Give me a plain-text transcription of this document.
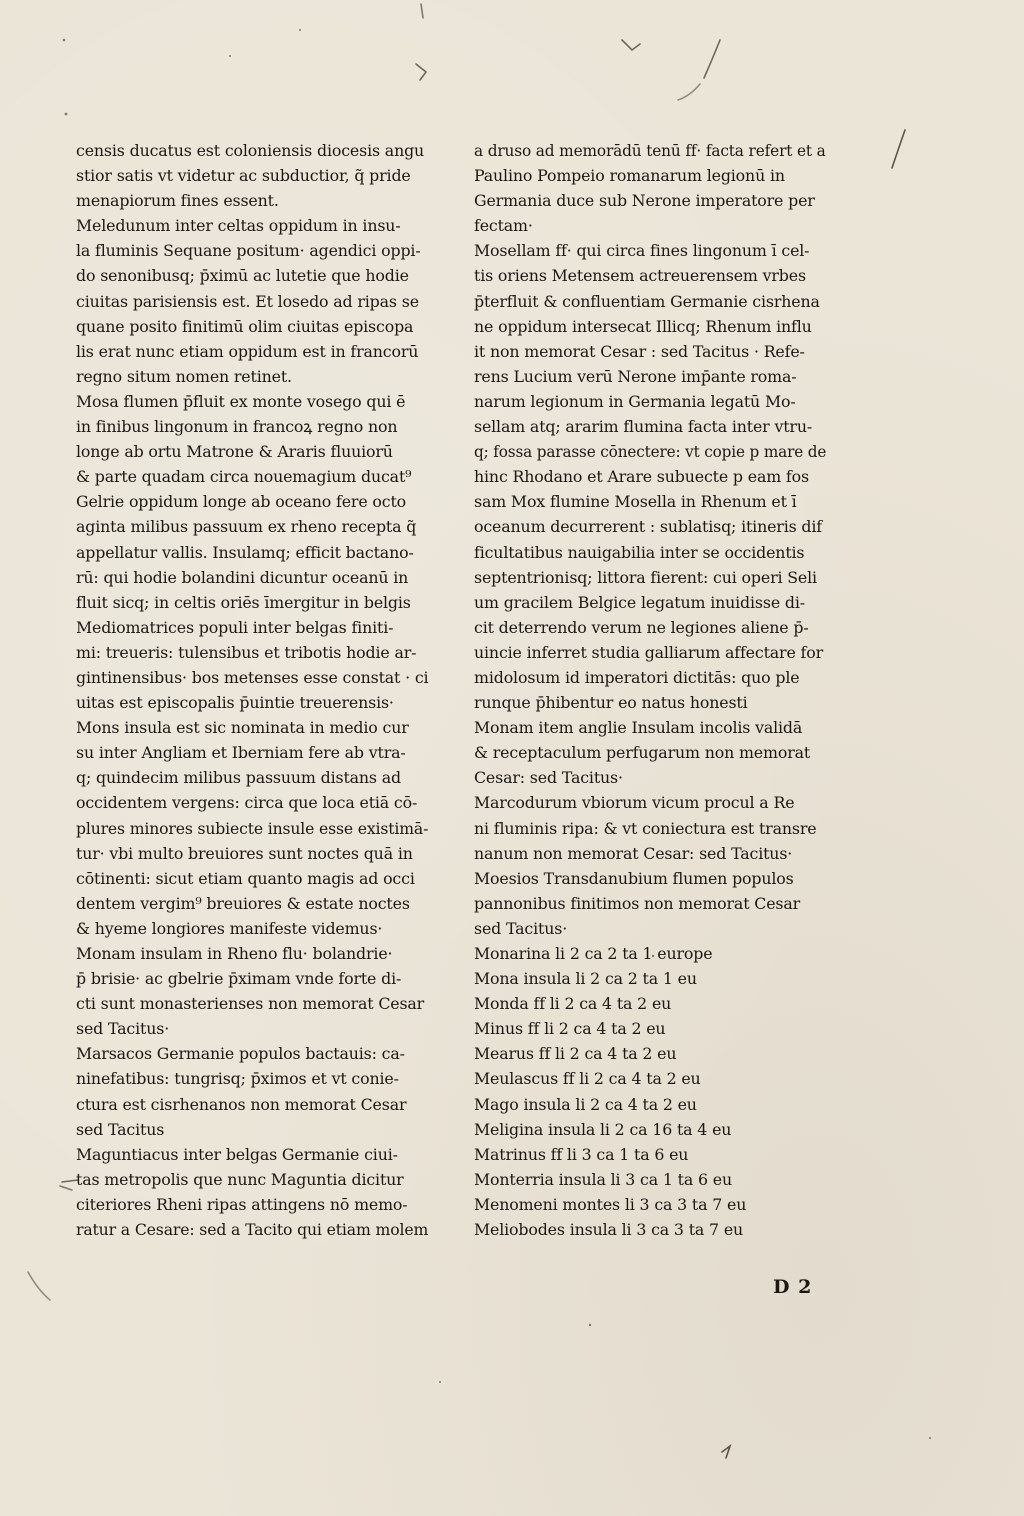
censis ducatus est coloniensis diocesis angu
stior satis vt videtur ac subductior, q̃ pride
menapiorum fines essent.
Meledunum inter celtas oppidum in insu-
la fluminis Sequane positum· agendici oppi-
do senonibusq; p̄ximū ac lutetie que hodie
ciuitas parisiensis est. Et losedo ad ripas se
quane posito finitimū olim ciuitas episcopa
lis erat nunc etiam oppidum est in francorū
regno situm nomen retinet.
Mosa flumen p̄fluit ex monte vosego qui ē
in finibus lingonum in francoꝝ regno non
longe ab ortu Matrone & Araris fluuiorū
& parte quadam circa nouemagium ducat⁹
Gelrie oppidum longe ab oceano fere octo
aginta milibus passuum ex rheno recepta q̃
appellatur vallis. Insulamq; efficit bactano-
rū: qui hodie bolandini dicuntur oceanū in
fluit sicq; in celtis oriēs īmergitur in belgis
Mediomatrices populi inter belgas finiti-
mi: treueris: tulensibus et tribotis hodie ar-
gintinensibus· bos metenses esse constat · ci
uitas est episcopalis p̄uintie treuerensis·
Mons insula est sic nominata in medio cur
su inter Angliam et Iberniam fere ab vtra-
q; quindecim milibus passuum distans ad
occidentem vergens: circa que loca etiā cō-
plures minores subiecte insule esse existimā-
tur· vbi multo breuiores sunt noctes quā in
cōtinenti: sicut etiam quanto magis ad occi
dentem vergim⁹ breuiores & estate noctes
& hyeme longiores manifeste videmus·
Monam insulam in Rheno flu· bolandrie·
p̄ brisie· ac gbelrie p̄ximam vnde forte di-
cti sunt monasterienses non memorat Cesar
sed Tacitus·
Marsacos Germanie populos bactauis: ca-
ninefatibus: tungrisq; p̄ximos et vt conie-
ctura est cisrhenanos non memorat Cesar
sed Tacitus
Maguntiacus inter belgas Germanie ciui-
tas metropolis que nunc Maguntia dicitur
citeriores Rheni ripas attingens nō memo-
ratur a Cesare: sed a Tacito qui etiam molem
a druso ad memorādū tenū ff· facta refert et a
Paulino Pompeio romanarum legionū in
Germania duce sub Nerone imperatore per
fectam·
Mosellam ff· qui circa fines lingonum ī cel-
tis oriens Metensem actreuerensem vrbes
p̄terfluit & confluentiam Germanie cisrhena
ne oppidum intersecat Illicq; Rhenum influ
it non memorat Cesar : sed Tacitus · Refe-
rens Lucium verū Nerone imp̄ante roma-
narum legionum in Germania legatū Mo-
sellam atq; ararim flumina facta inter vtru-
q; fossa parasse cōnectere: vt copie p mare de
hinc Rhodano et Arare subuecte p eam fos
sam Mox flumine Mosella in Rhenum et ī
oceanum decurrerent : sublatisq; itineris dif
ficultatibus nauigabilia inter se occidentis
septentrionisq; littora fierent: cui operi Seli
um gracilem Belgice legatum inuidisse di-
cit deterrendo verum ne legiones aliene p̄-
uincie inferret studia galliarum affectare for
midolosum id imperatori dictitās: quo ple
runque p̄hibentur eo natus honesti
Monam item anglie Insulam incolis validā
& receptaculum perfugarum non memorat
Cesar: sed Tacitus·
Marcodurum vbiorum vicum procul a Re
ni fluminis ripa: & vt coniectura est transre
nanum non memorat Cesar: sed Tacitus·
Moesios Transdanubium flumen populos
pannonibus finitimos non memorat Cesar
sed Tacitus·
Monarina li 2 ca 2 ta 1 europe
Mona insula li 2 ca 2 ta 1 eu
Monda ff li 2 ca 4 ta 2 eu
Minus ff li 2 ca 4 ta 2 eu
Mearus ff li 2 ca 4 ta 2 eu
Meulascus ff li 2 ca 4 ta 2 eu
Mago insula li 2 ca 4 ta 2 eu
Meligina insula li 2 ca 16 ta 4 eu
Matrinus ff li 3 ca 1 ta 6 eu
Monterria insula li 3 ca 1 ta 6 eu
Menomeni montes li 3 ca 3 ta 7 eu
Meliobodes insula li 3 ca 3 ta 7 eu
D 2
